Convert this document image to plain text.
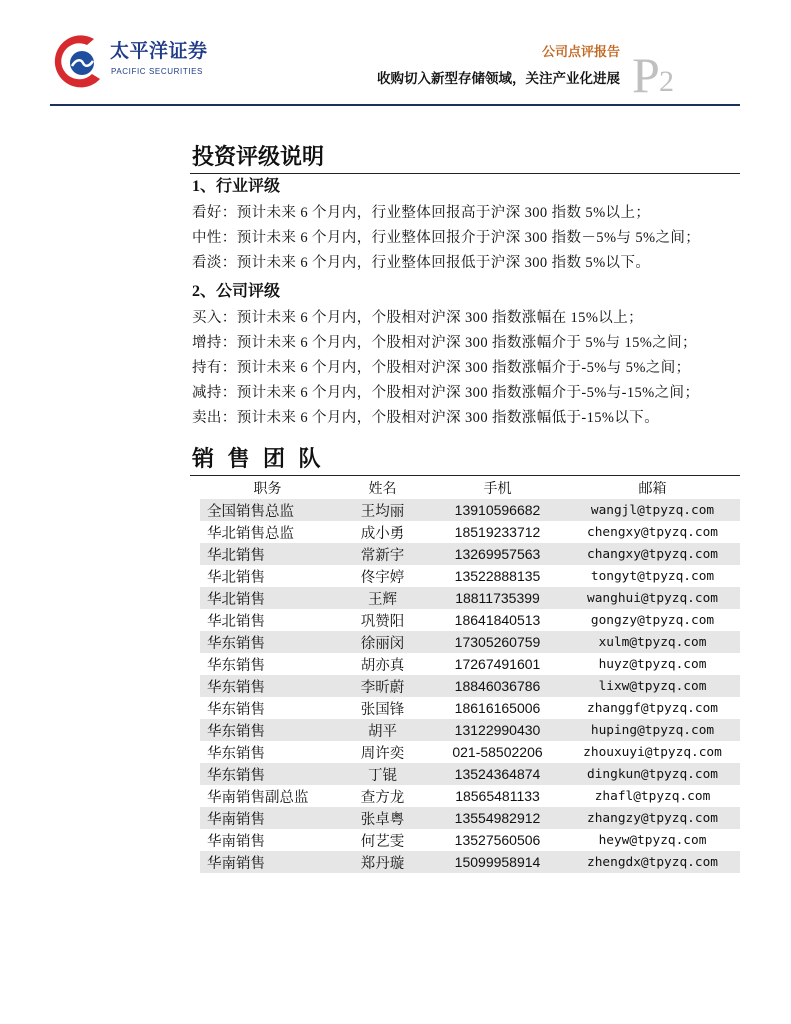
太平洋证券
PACIFIC SECURITIES
公司点评报告
收购切入新型存储领域，关注产业化进展 P 2
投资评级说明
1、行业评级
看好：预计未来 6 个月内，行业整体回报高于沪深 300 指数 5%以上；
中性：预计未来 6 个月内，行业整体回报介于沪深 300 指数－5%与 5%之间；
看淡：预计未来 6 个月内，行业整体回报低于沪深 300 指数 5%以下。
2、公司评级
买入：预计未来 6 个月内，个股相对沪深 300 指数涨幅在 15%以上；
增持：预计未来 6 个月内，个股相对沪深 300 指数涨幅介于 5%与 15%之间；
持有：预计未来 6 个月内，个股相对沪深 300 指数涨幅介于-5%与 5%之间；
减持：预计未来 6 个月内，个股相对沪深 300 指数涨幅介于-5%与-15%之间；
卖出：预计未来 6 个月内，个股相对沪深 300 指数涨幅低于-15%以下。
销 售 团 队
职务	姓名	手机	邮箱
全国销售总监	王均丽	13910596682	wangjl@tpyzq.com
华北销售总监	成小勇	18519233712	chengxy@tpyzq.com
华北销售	常新宇	13269957563	changxy@tpyzq.com
华北销售	佟宇婷	13522888135	tongyt@tpyzq.com
华北销售	王辉	18811735399	wanghui@tpyzq.com
华北销售	巩赞阳	18641840513	gongzy@tpyzq.com
华东销售	徐丽闵	17305260759	xulm@tpyzq.com
华东销售	胡亦真	17267491601	huyz@tpyzq.com
华东销售	李昕蔚	18846036786	lixw@tpyzq.com
华东销售	张国锋	18616165006	zhanggf@tpyzq.com
华东销售	胡平	13122990430	huping@tpyzq.com
华东销售	周许奕	021-58502206	zhouxuyi@tpyzq.com
华东销售	丁锟	13524364874	dingkun@tpyzq.com
华南销售副总监	查方龙	18565481133	zhafl@tpyzq.com
华南销售	张卓粤	13554982912	zhangzy@tpyzq.com
华南销售	何艺雯	13527560506	heyw@tpyzq.com
华南销售	郑丹璇	15099958914	zhengdx@tpyzq.com
